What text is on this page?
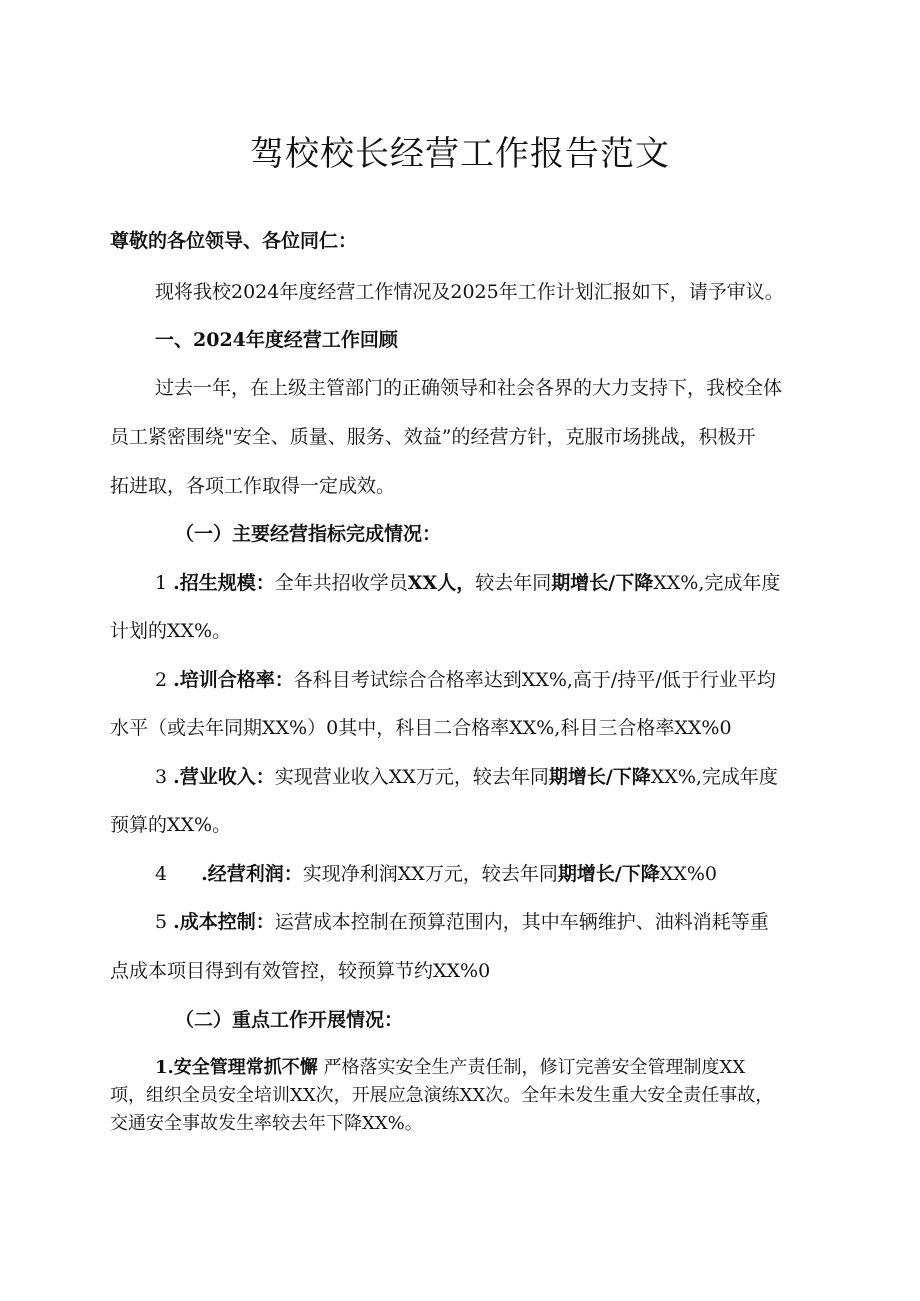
驾校校长经营工作报告范文

尊敬的各位领导、各位同仁：

现将我校2024年度经营工作情况及2025年工作计划汇报如下，请予审议。

一、2024年度经营工作回顾

过去一年，在上级主管部门的正确领导和社会各界的大力支持下，我校全体

员工紧密围绕"安全、质量、服务、效益”的经营方针，克服市场挑战，积极开

拓进取，各项工作取得一定成效。

（一）主要经营指标完成情况：

1 .招生规模：全年共招收学员XX人，较去年同期增长/下降XX%,完成年度

计划的XX%。

2 .培训合格率：各科目考试综合合格率达到XX%,高于/持平/低于行业平均

水平（或去年同期XX%）0其中，科目二合格率XX%,科目三合格率XX%0

3 .营业收入：实现营业收入XX万元，较去年同期增长/下降XX%,完成年度

预算的XX%。

4 .经营利润：实现净利润XX万元，较去年同期增长/下降XX%0

5 .成本控制：运营成本控制在预算范围内，其中车辆维护、油料消耗等重

点成本项目得到有效管控，较预算节约XX%0

（二）重点工作开展情况：

1.安全管理常抓不懈 严格落实安全生产责任制，修订完善安全管理制度XX

项，组织全员安全培训XX次，开展应急演练XX次。全年未发生重大安全责任事故，

交通安全事故发生率较去年下降XX%。
